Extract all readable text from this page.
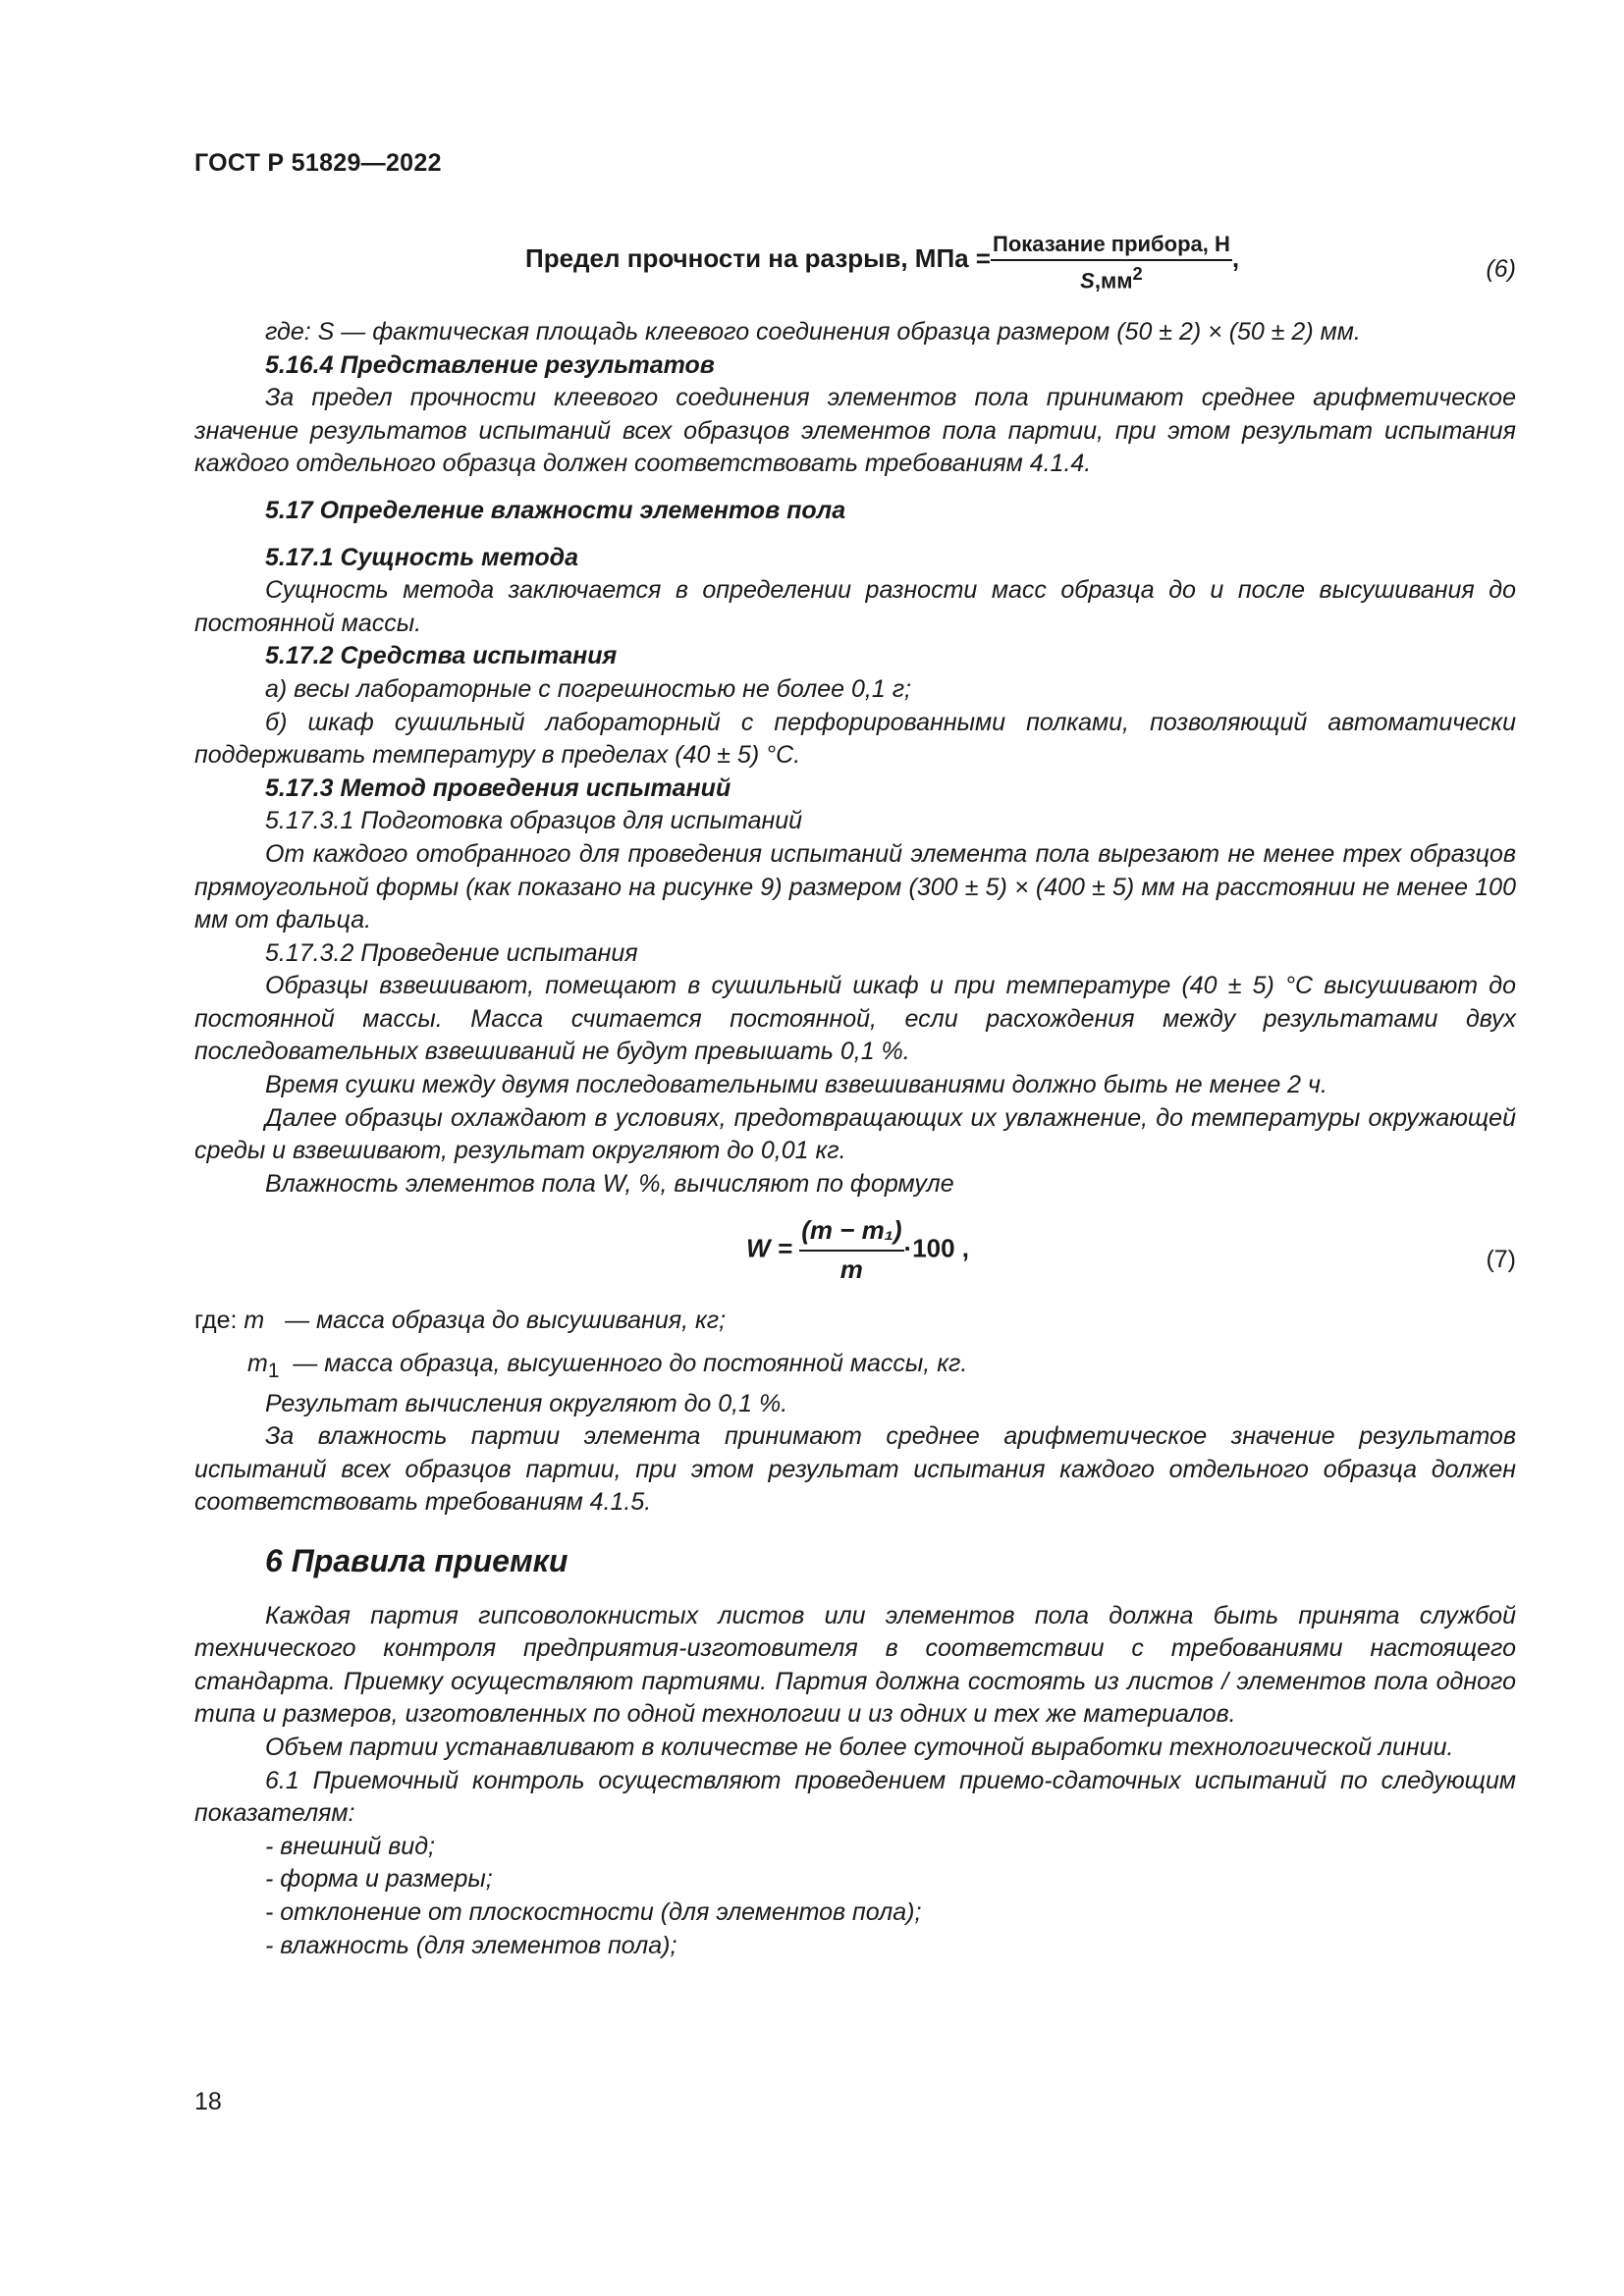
ГОСТ Р 51829—2022
Предел прочности на разрыв, МПа = $\frac{\text{Показание прибора, Н}}{S,мм^2}$ ,	(6)

где: S — фактическая площадь клеевого соединения образца размером (50 ± 2) × (50 ± 2) мм.

5.16.4 Представление результатов

За предел прочности клеевого соединения элементов пола принимают среднее арифметическое значение результатов испытаний всех образцов элементов пола партии, при этом результат испытания каждого отдельного образца должен соответствовать требованиям 4.1.4.

5.17 Определение влажности элементов пола

5.17.1 Сущность метода

Сущность метода заключается в определении разности масс образца до и после высушивания до постоянной массы.

5.17.2 Средства испытания

а) весы лабораторные с погрешностью не более 0,1 г;

б) шкаф сушильный лабораторный с перфорированными полками, позволяющий автоматически поддерживать температуру в пределах (40 ± 5) °С.

5.17.3 Метод проведения испытаний

5.17.3.1 Подготовка образцов для испытаний

От каждого отобранного для проведения испытаний элемента пола вырезают не менее трех образцов прямоугольной формы (как показано на рисунке 9) размером (300 ± 5) × (400 ± 5) мм на расстоянии не менее 100 мм от фальца.

5.17.3.2 Проведение испытания

Образцы взвешивают, помещают в сушильный шкаф и при температуре (40 ± 5) °С высушивают до постоянной массы. Масса считается постоянной, если расхождения между результатами двух последовательных взвешиваний не будут превышать 0,1 %.

Время сушки между двумя последовательными взвешиваниями должно быть не менее 2 ч.

Далее образцы охлаждают в условиях, предотвращающих их увлажнение, до температуры окружающей среды и взвешивают, результат округляют до 0,01 кг.

Влажность элементов пола W, %, вычисляют по формуле

$W = \frac{\text{(m − m₁)}}{m} \cdot 100$ ,	(7)

где: m — масса образца до высушивания, кг;

$m_1$ — масса образца, высушенного до постоянной массы, кг.

Результат вычисления округляют до 0,1 %.

За влажность партии элемента принимают среднее арифметическое значение результатов испытаний всех образцов партии, при этом результат испытания каждого отдельного образца должен соответствовать требованиям 4.1.5.

6 Правила приемки

Каждая партия гипсоволокнистых листов или элементов пола должна быть принята службой технического контроля предприятия-изготовителя в соответствии с требованиями настоящего стандарта. Приемку осуществляют партиями. Партия должна состоять из листов / элементов пола одного типа и размеров, изготовленных по одной технологии и из одних и тех же материалов.

Объем партии устанавливают в количестве не более суточной выработки технологической линии.

6.1 Приемочный контроль осуществляют проведением приемо-сдаточных испытаний по следующим показателям:

- внешний вид;

- форма и размеры;

- отклонение от плоскостности (для элементов пола);

- влажность (для элементов пола);

18
